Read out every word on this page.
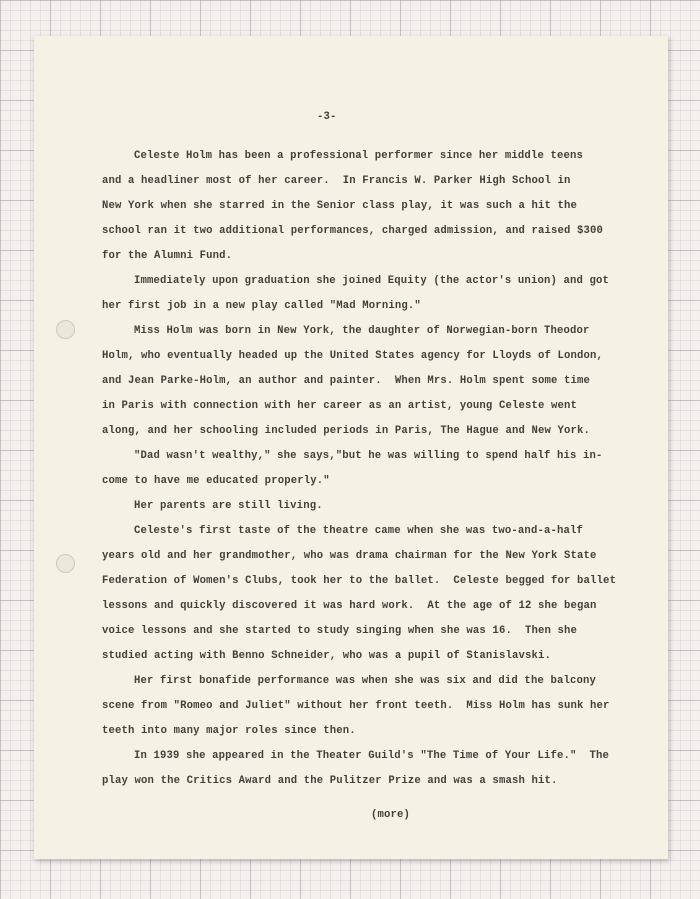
-3-
Celeste Holm has been a professional performer since her middle teens
and a headliner most of her career.  In Francis W. Parker High School in
New York when she starred in the Senior class play, it was such a hit the
school ran it two additional performances, charged admission, and raised $300
for the Alumni Fund.
Immediately upon graduation she joined Equity (the actor's union) and got
her first job in a new play called "Mad Morning."
Miss Holm was born in New York, the daughter of Norwegian-born Theodor
Holm, who eventually headed up the United States agency for Lloyds of London,
and Jean Parke-Holm, an author and painter.  When Mrs. Holm spent some time
in Paris with connection with her career as an artist, young Celeste went
along, and her schooling included periods in Paris, The Hague and New York.
"Dad wasn't wealthy," she says,"but he was willing to spend half his in-
come to have me educated properly."
Her parents are still living.
Celeste's first taste of the theatre came when she was two-and-a-half
years old and her grandmother, who was drama chairman for the New York State
Federation of Women's Clubs, took her to the ballet.  Celeste begged for ballet
lessons and quickly discovered it was hard work.  At the age of 12 she began
voice lessons and she started to study singing when she was 16.  Then she
studied acting with Benno Schneider, who was a pupil of Stanislavski.
Her first bonafide performance was when she was six and did the balcony
scene from "Romeo and Juliet" without her front teeth.  Miss Holm has sunk her
teeth into many major roles since then.
In 1939 she appeared in the Theater Guild's "The Time of Your Life."  The
play won the Critics Award and the Pulitzer Prize and was a smash hit.
(more)
